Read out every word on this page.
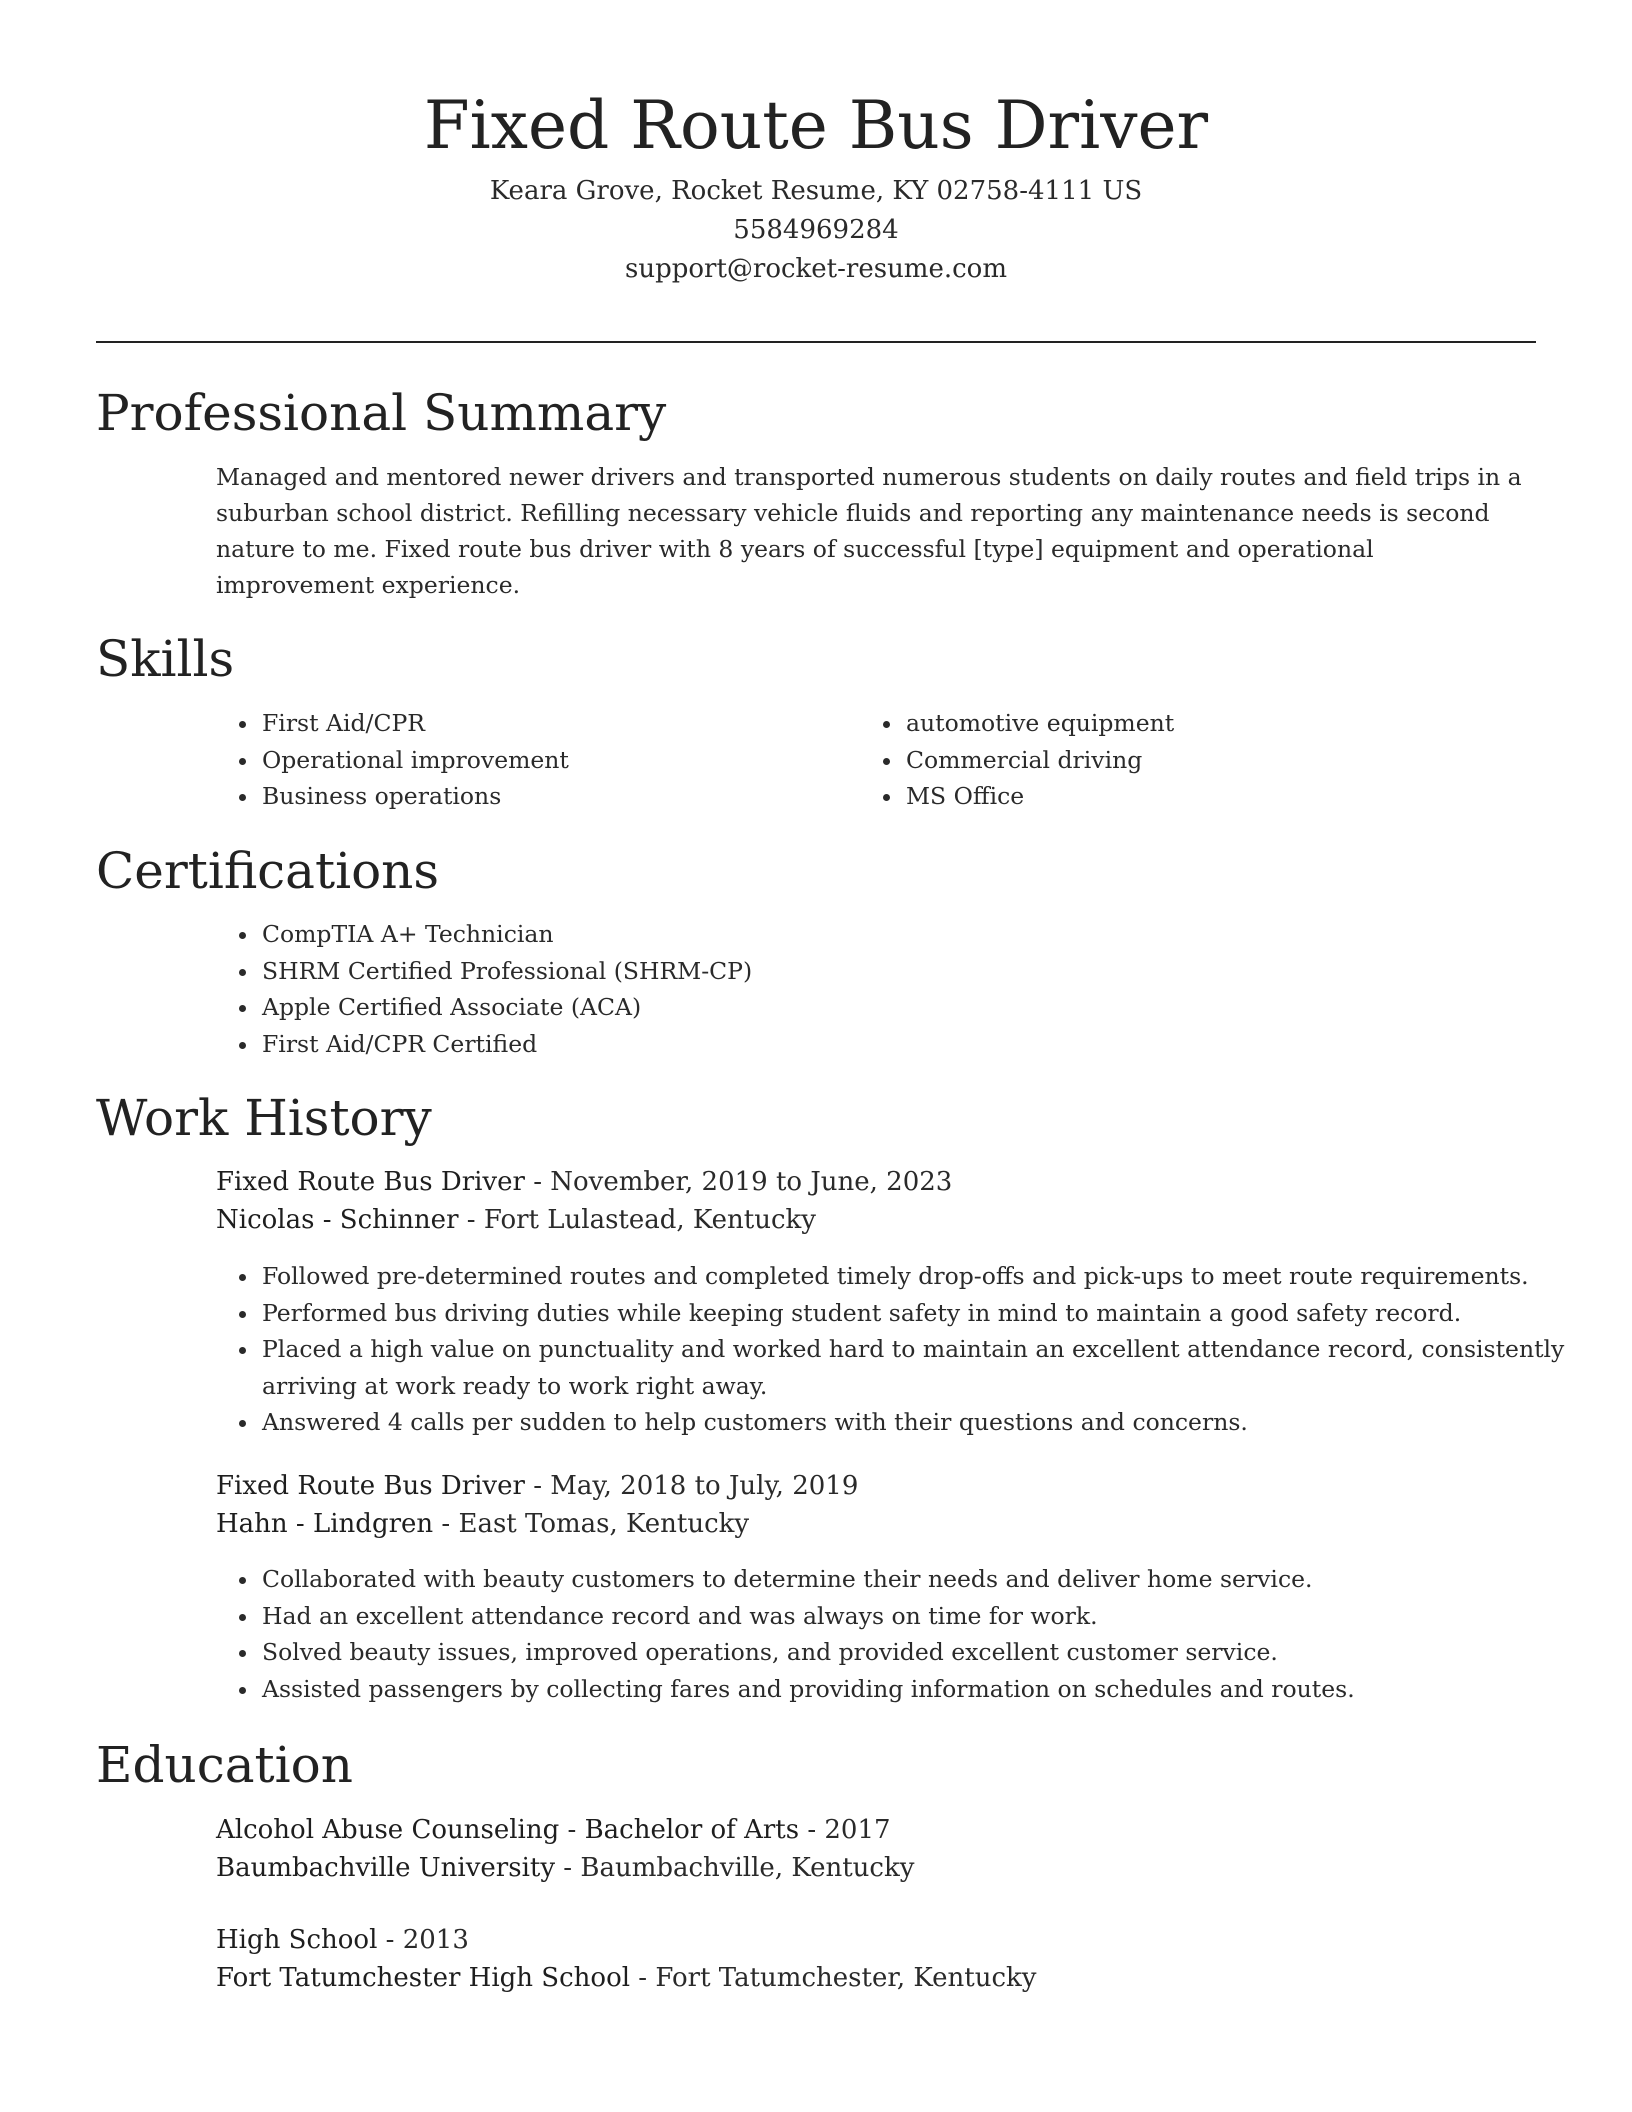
Fixed Route Bus Driver
Keara Grove, Rocket Resume, KY 02758-4111 US
5584969284
support@rocket-resume.com
Professional Summary

Managed and mentored newer drivers and transported numerous students on daily routes and field trips in a suburban school district. Refilling necessary vehicle fluids and reporting any maintenance needs is second nature to me. Fixed route bus driver with 8 years of successful [type] equipment and operational improvement experience.

Skills
• First Aid/CPR
• Operational improvement
• Business operations
• automotive equipment
• Commercial driving
• MS Office
Certifications
• CompTIA A+ Technician
• SHRM Certified Professional (SHRM-CP)
• Apple Certified Associate (ACA)
• First Aid/CPR Certified
Work History
Fixed Route Bus Driver - November, 2019 to June, 2023
Nicolas - Schinner - Fort Lulastead, Kentucky
• Followed pre-determined routes and completed timely drop-offs and pick-ups to meet route requirements.
• Performed bus driving duties while keeping student safety in mind to maintain a good safety record.
• Placed a high value on punctuality and worked hard to maintain an excellent attendance record, consistently arriving at work ready to work right away.
• Answered 4 calls per sudden to help customers with their questions and concerns.
Fixed Route Bus Driver - May, 2018 to July, 2019
Hahn - Lindgren - East Tomas, Kentucky
• Collaborated with beauty customers to determine their needs and deliver home service.
• Had an excellent attendance record and was always on time for work.
• Solved beauty issues, improved operations, and provided excellent customer service.
• Assisted passengers by collecting fares and providing information on schedules and routes.
Education
Alcohol Abuse Counseling - Bachelor of Arts - 2017
Baumbachville University - Baumbachville, Kentucky
High School - 2013
Fort Tatumchester High School - Fort Tatumchester, Kentucky
